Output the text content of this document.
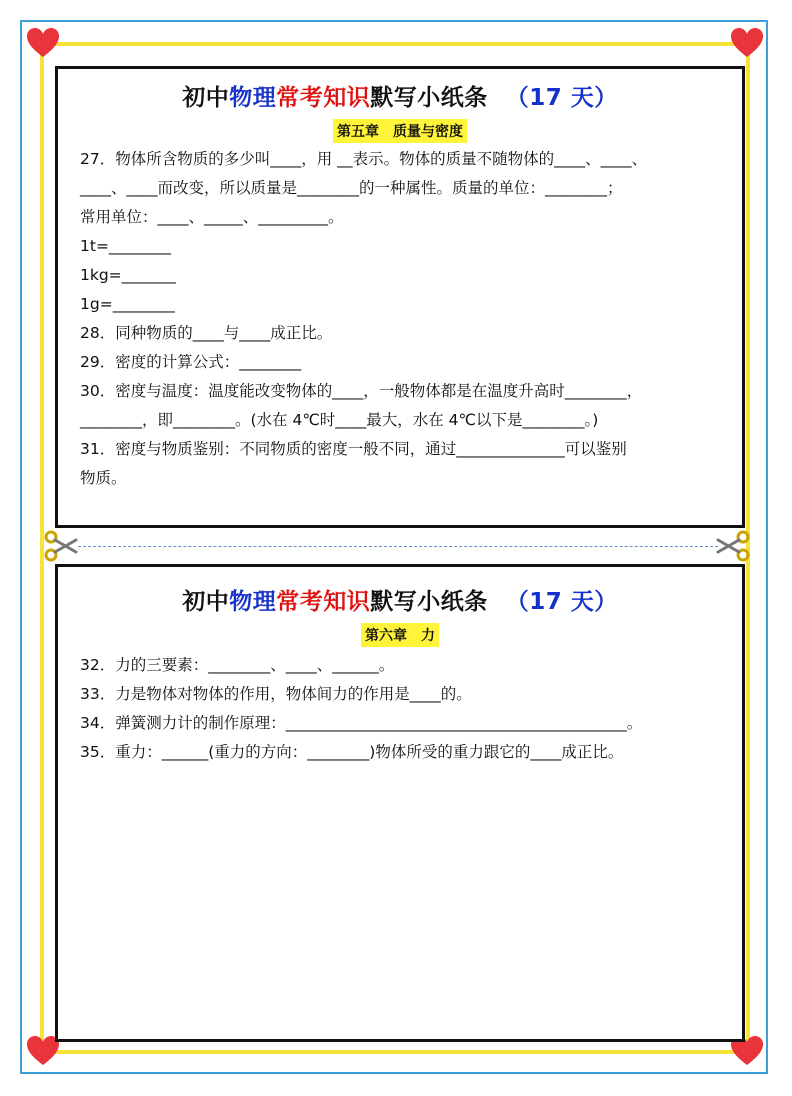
初中物理常考知识默写小纸条 （17 天）
第五章　质量与密度
27．物体所含物质的多少叫____，用 __表示。物体的质量不随物体的____、____、
____、____而改变，所以质量是________的一种属性。质量的单位：________；
常用单位：____、_____、_________。
1t=________
1kg=_______
1g=________
28．同种物质的____与____成正比。
29．密度的计算公式：________
30．密度与温度：温度能改变物体的____，一般物体都是在温度升高时________，
________，即________。(水在 4℃时____最大，水在 4℃以下是________。)
31．密度与物质鉴别：不同物质的密度一般不同，通过______________可以鉴别
物质。
初中物理常考知识默写小纸条 （17 天）
第六章　力
32．力的三要素：________、____、______。
33．力是物体对物体的作用，物体间力的作用是____的。
34．弹簧测力计的制作原理：____________________________________________。
35．重力：______(重力的方向：________)物体所受的重力跟它的____成正比。
